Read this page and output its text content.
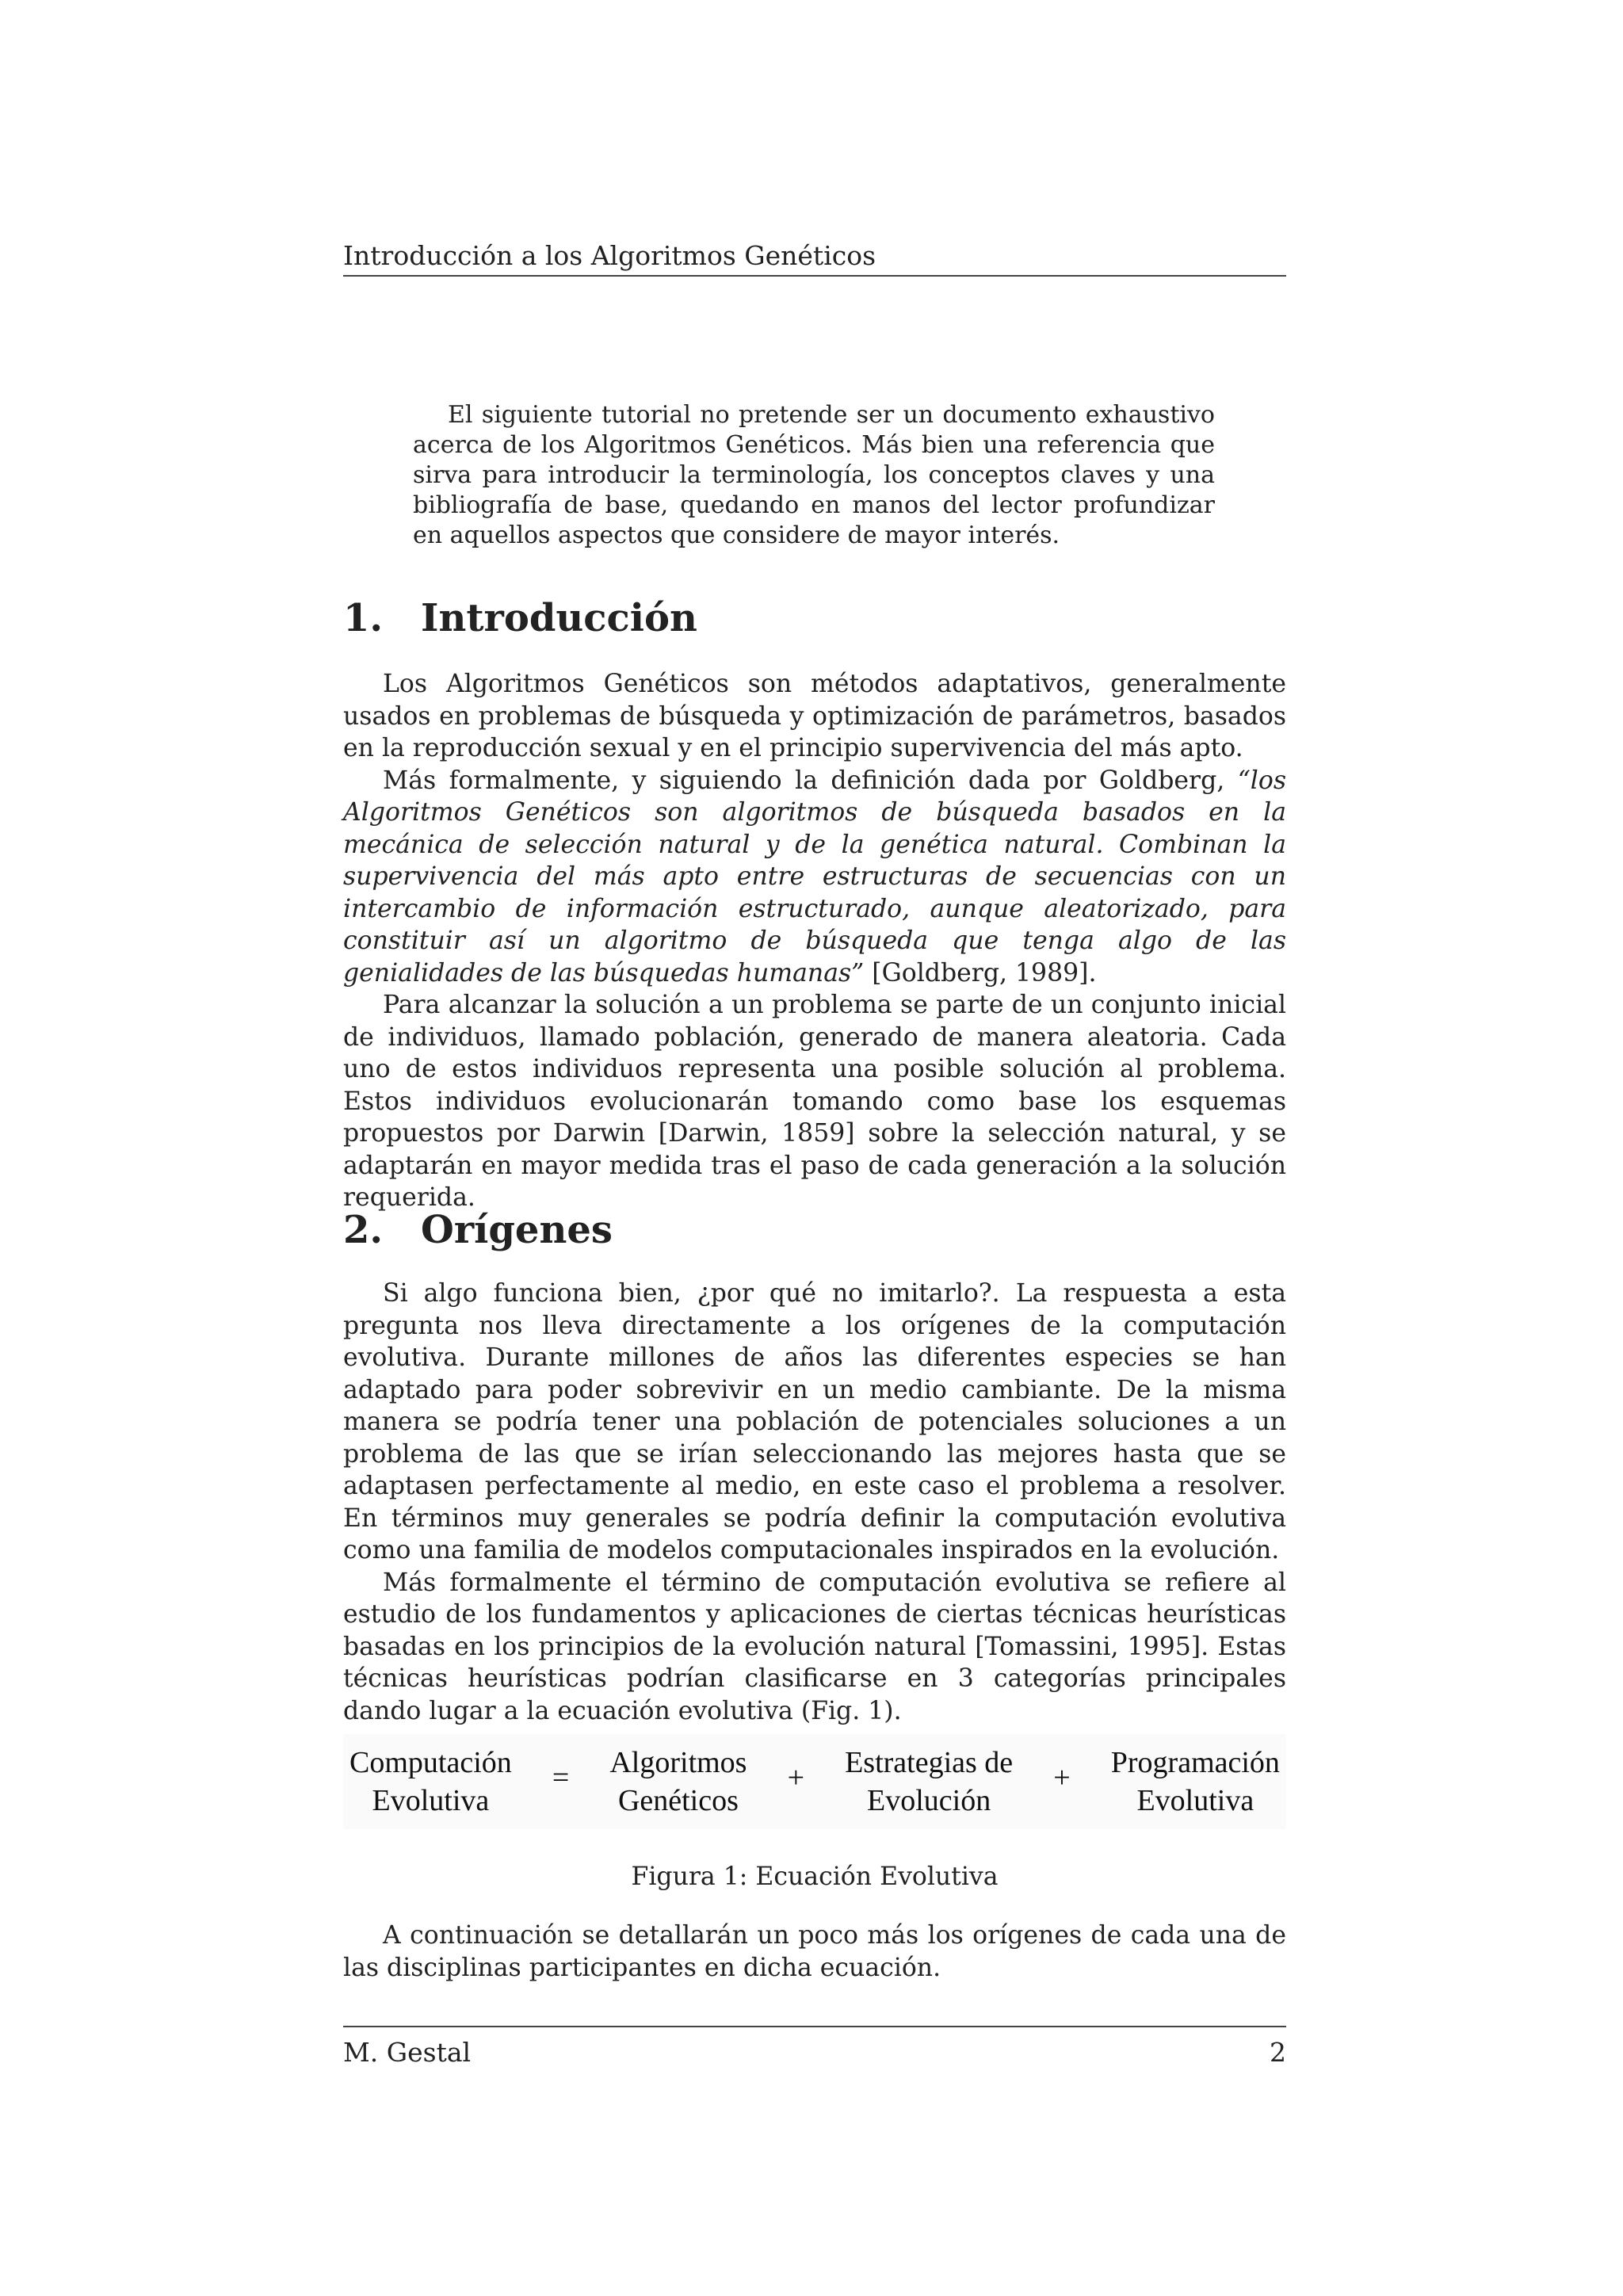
Introducción a los Algoritmos Genéticos

El siguiente tutorial no pretende ser un documento exhaustivo acerca de los Algoritmos Genéticos. Más bien una referencia que sirva para introducir la terminología, los conceptos claves y una bibliografía de base, quedando en manos del lector profundizar en aquellos aspectos que considere de mayor interés.

1. Introducción

Los Algoritmos Genéticos son métodos adaptativos, generalmente usados en problemas de búsqueda y optimización de parámetros, basados en la reproducción sexual y en el principio supervivencia del más apto.

Más formalmente, y siguiendo la definición dada por Goldberg, “los Algoritmos Genéticos son algoritmos de búsqueda basados en la mecánica de selección natural y de la genética natural. Combinan la supervivencia del más apto entre estructuras de secuencias con un intercambio de información estructurado, aunque aleatorizado, para constituir así un algoritmo de búsqueda que tenga algo de las genialidades de las búsquedas humanas” [Goldberg, 1989].

Para alcanzar la solución a un problema se parte de un conjunto inicial de individuos, llamado población, generado de manera aleatoria. Cada uno de estos individuos representa una posible solución al problema. Estos individuos evolucionarán tomando como base los esquemas propuestos por Darwin [Darwin, 1859] sobre la selección natural, y se adaptarán en mayor medida tras el paso de cada generación a la solución requerida.

2. Orígenes

Si algo funciona bien, ¿por qué no imitarlo?. La respuesta a esta pregunta nos lleva directamente a los orígenes de la computación evolutiva. Durante millones de años las diferentes especies se han adaptado para poder sobrevivir en un medio cambiante. De la misma manera se podría tener una población de potenciales soluciones a un problema de las que se irían seleccionando las mejores hasta que se adaptasen perfectamente al medio, en este caso el problema a resolver. En términos muy generales se podría definir la computación evolutiva como una familia de modelos computacionales inspirados en la evolución.

Más formalmente el término de computación evolutiva se refiere al estudio de los fundamentos y aplicaciones de ciertas técnicas heurísticas basadas en los principios de la evolución natural [Tomassini, 1995]. Estas técnicas heurísticas podrían clasificarse en 3 categorías principales dando lugar a la ecuación evolutiva (Fig. 1).

Computación
Evolutiva
= Algoritmos
Genéticos
+ Estrategias de
Evolución
+ Programación
Evolutiva

Figura 1: Ecuación Evolutiva

A continuación se detallarán un poco más los orígenes de cada una de las disciplinas participantes en dicha ecuación.

M. Gestal	2
